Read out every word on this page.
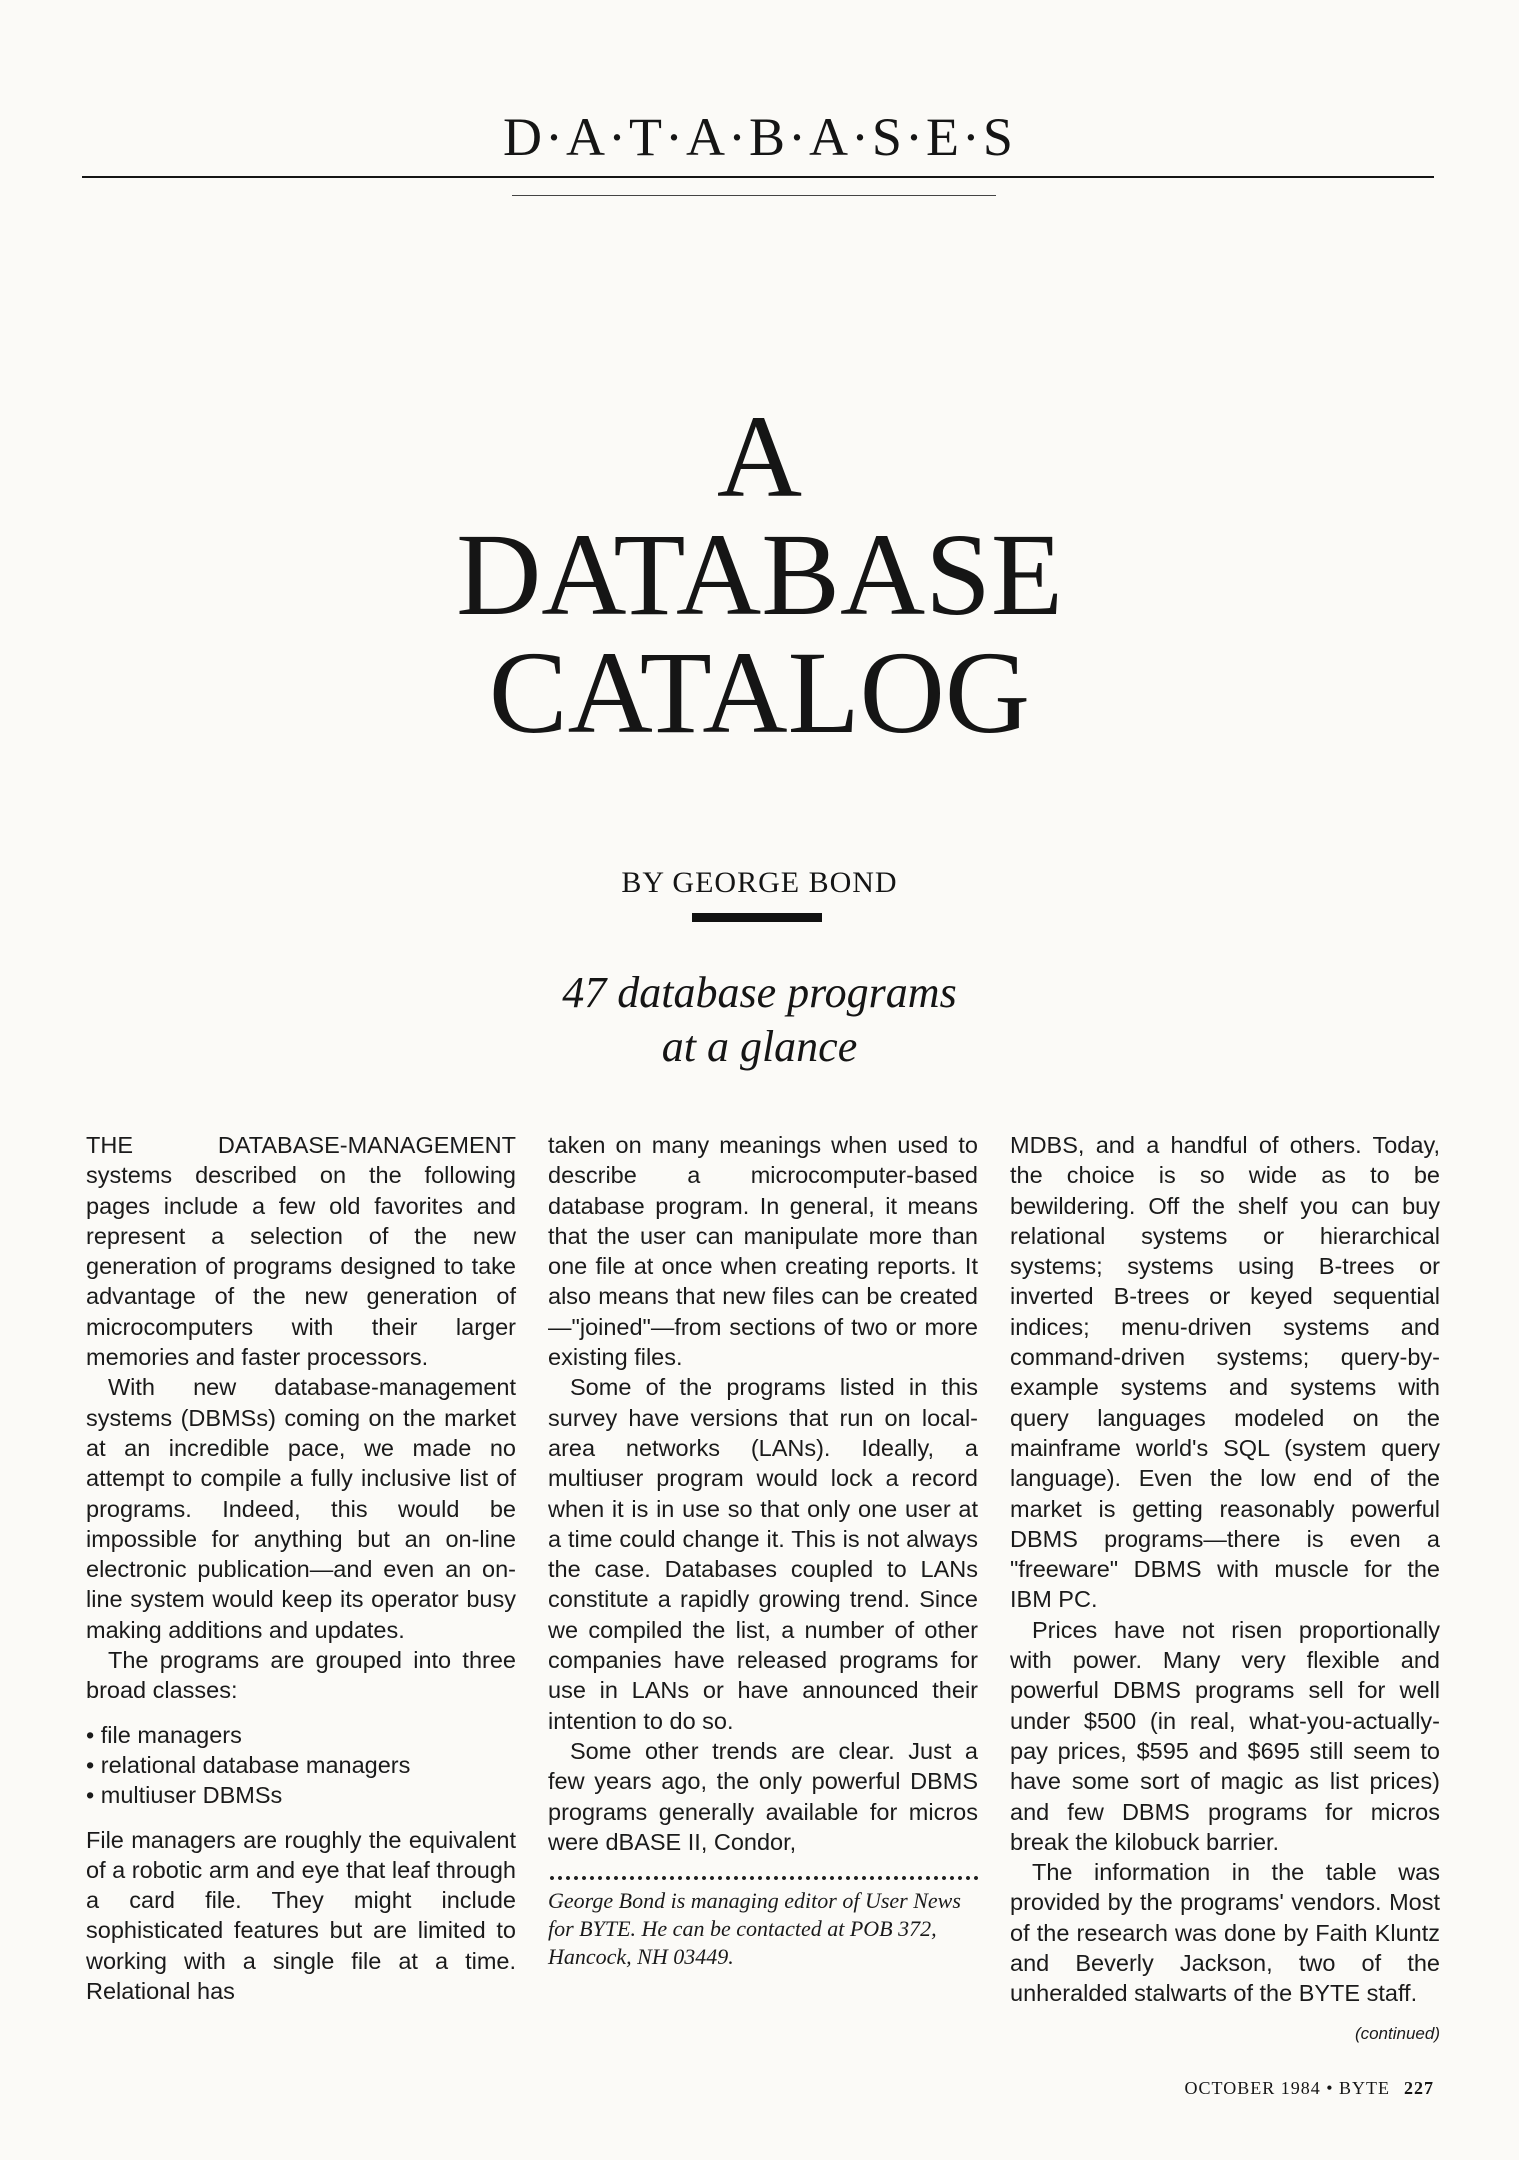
D·A·T·A·B·A·S·E·S
A
DATABASE
CATALOG
BY GEORGE BOND
47 database programs
at a glance

THE DATABASE-MANAGEMENT systems described on the following pages include a few old favorites and represent a selection of the new generation of programs designed to take advantage of the new generation of microcomputers with their larger memories and faster processors.

With new database-management systems (DBMSs) coming on the market at an incredible pace, we made no attempt to compile a fully inclusive list of programs. Indeed, this would be impossible for anything but an on-line electronic publication—and even an on-line system would keep its operator busy making additions and updates.

The programs are grouped into three broad classes:

• file managers
• relational database managers
• multiuser DBMSs

File managers are roughly the equivalent of a robotic arm and eye that leaf through a card file. They might include sophisticated features but are limited to working with a single file at a time. Relational has

taken on many meanings when used to describe a microcomputer-based database program. In general, it means that the user can manipulate more than one file at once when creating reports. It also means that new files can be created—"joined"—from sections of two or more existing files.

Some of the programs listed in this survey have versions that run on local-area networks (LANs). Ideally, a multiuser program would lock a record when it is in use so that only one user at a time could change it. This is not always the case. Databases coupled to LANs constitute a rapidly growing trend. Since we compiled the list, a number of other companies have released programs for use in LANs or have announced their intention to do so.

Some other trends are clear. Just a few years ago, the only powerful DBMS programs generally available for micros were dBASE II, Condor,

George Bond is managing editor of User News for BYTE. He can be contacted at POB 372, Hancock, NH 03449.

MDBS, and a handful of others. Today, the choice is so wide as to be bewildering. Off the shelf you can buy relational systems or hierarchical systems; systems using B-trees or inverted B-trees or keyed sequential indices; menu-driven systems and command-driven systems; query-by-example systems and systems with query languages modeled on the mainframe world's SQL (system query language). Even the low end of the market is getting reasonably powerful DBMS programs—there is even a "freeware" DBMS with muscle for the IBM PC.

Prices have not risen proportionally with power. Many very flexible and powerful DBMS programs sell for well under $500 (in real, what-you-actually-pay prices, $595 and $695 still seem to have some sort of magic as list prices) and few DBMS programs for micros break the kilobuck barrier.

The information in the table was provided by the programs' vendors. Most of the research was done by Faith Kluntz and Beverly Jackson, two of the unheralded stalwarts of the BYTE staff.

(continued)
OCTOBER 1984 • BYTE 227
